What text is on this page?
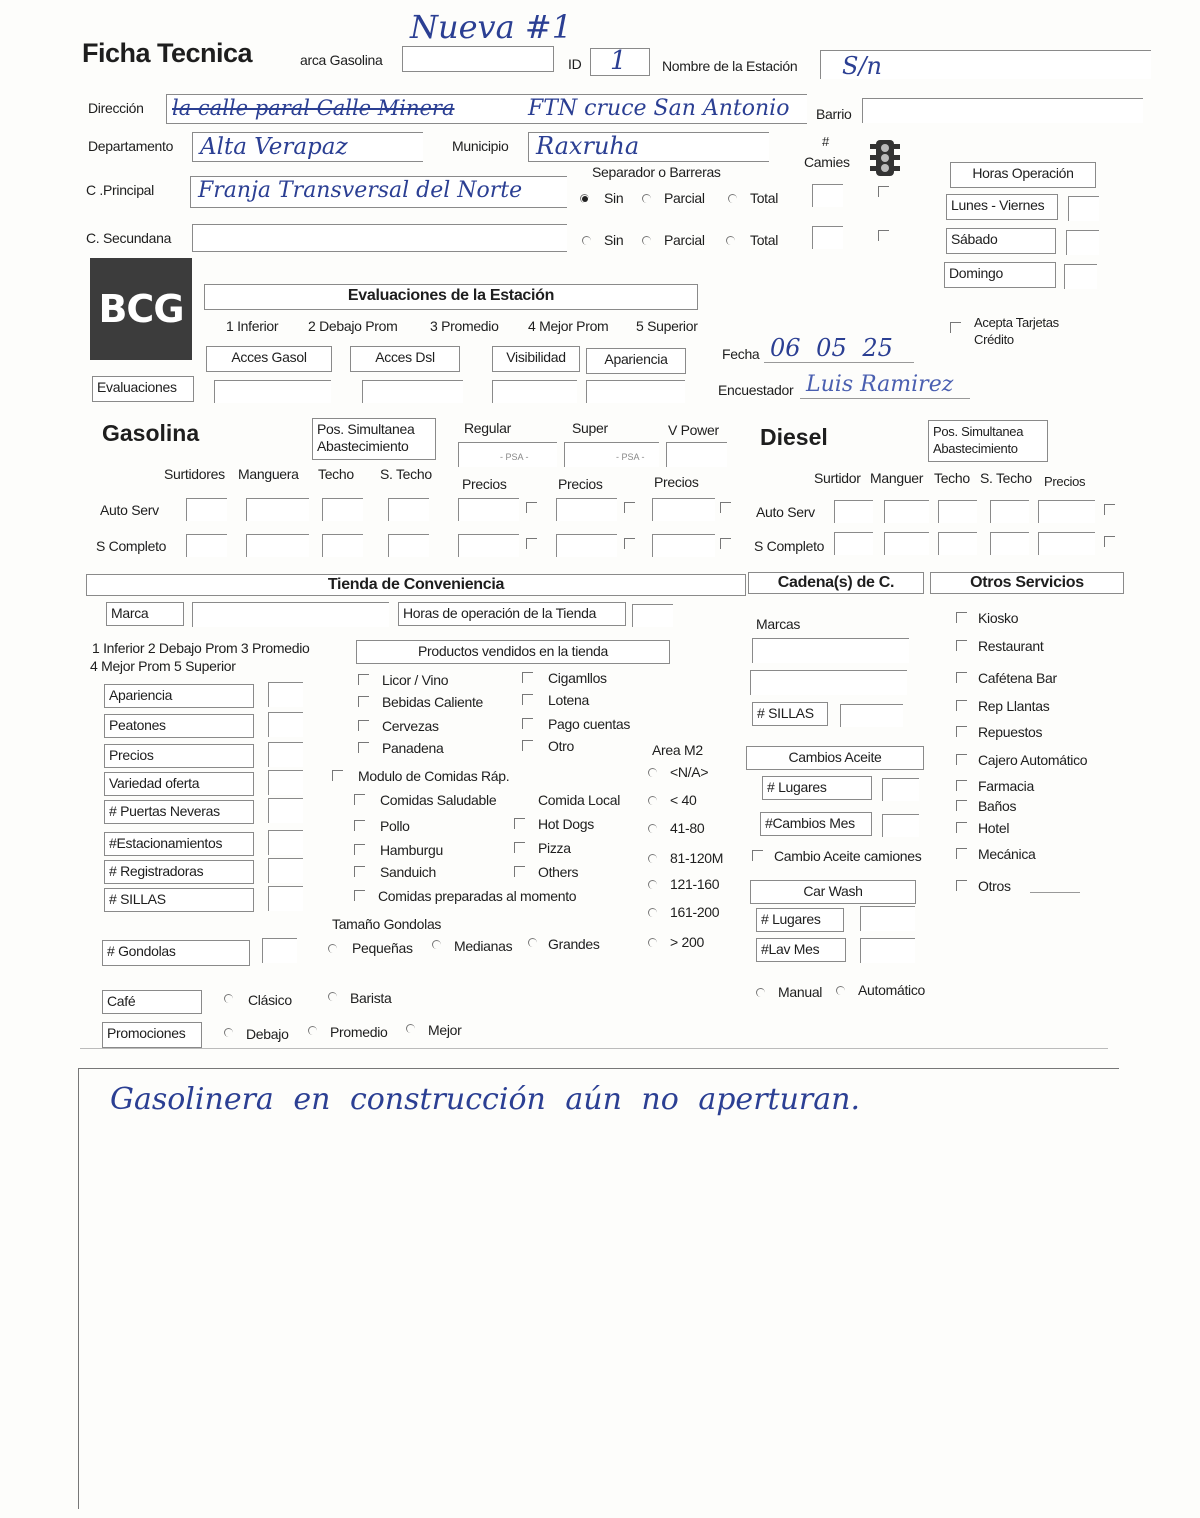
Nueva #1
Ficha Tecnica	arca Gasolina	ID 1	Nombre de la Estación S/n
Dirección la calle paral Calle Minera	FTN cruce San Antonio Barrio
Departamento Alta Verapaz	Municipio Raxruha	#
Camies
Separador o Barreras
C .Principal Franja Transversal del Norte	Sin	Parcial	Total
C. Secundana	Sin	Parcial	Total
Horas Operación
Lunes - Viernes
Sábado
Domingo
BCG	Evaluaciones de la Estación
1 Inferior 2 Debajo Prom 3 Promedio 4 Mejor Prom 5 Superior
Acces Gasol	Acces Dsl	Visibilidad	Apariencia
Evaluaciones
Acepta Tarjetas Crédito
Fecha 06 05 25
Encuestador Luis Ramirez
Gasolina	Pos. Simultanea Abastecimiento
Regular	Super	V Power
- PSA -	- PSA -
Surtidores Manguera Techo S. Techo
Precios	Precios	Precios
Auto Serv
S Completo
Diesel	Pos. Simultanea Abastecimiento
Surtidor Manguer Techo S. Techo Precios
Auto Serv
S Completo
Tienda de Conveniencia	Cadena(s) de C.	Otros Servicios
Marca	Horas de operación de la Tienda
1 Inferior 2 Debajo Prom 3 Promedio
4 Mejor Prom 5 Superior
Productos vendidos en la tienda
Apariencia
Peatones
Precios
Variedad oferta
# Puertas Neveras
#Estacionamientos
# Registradoras
# SILLAS
# Gondolas
Licor / Vino
Bebidas Caliente
Cervezas
Panadena
Cigamllos
Lotena
Pago cuentas
Otro
Modulo de Comidas Ráp.
Comida Local
Comidas Saludable
Pollo
Hamburgu
Sanduich
Comidas preparadas al momento
Hot Dogs
Pizza
Others
Area M2
<N/A>
< 40
41-80
81-120M
121-160
161-200
> 200
Tamaño Gondolas
Pequeñas	Medianas	Grandes
Café	Clásico	Barista
Promociones	Debajo	Promedio	Mejor
Marcas
# SILLAS
Cambios Aceite
# Lugares
#Cambios Mes
Cambio Aceite camiones
Car Wash
# Lugares
#Lav Mes
Manual	Automático
Kiosko
Restaurant
Cafétena Bar
Rep Llantas
Repuestos
Cajero Automático
Farmacia
Baños
Hotel
Mecánica
Otros
Gasolinera en construcción aún no aperturan.
